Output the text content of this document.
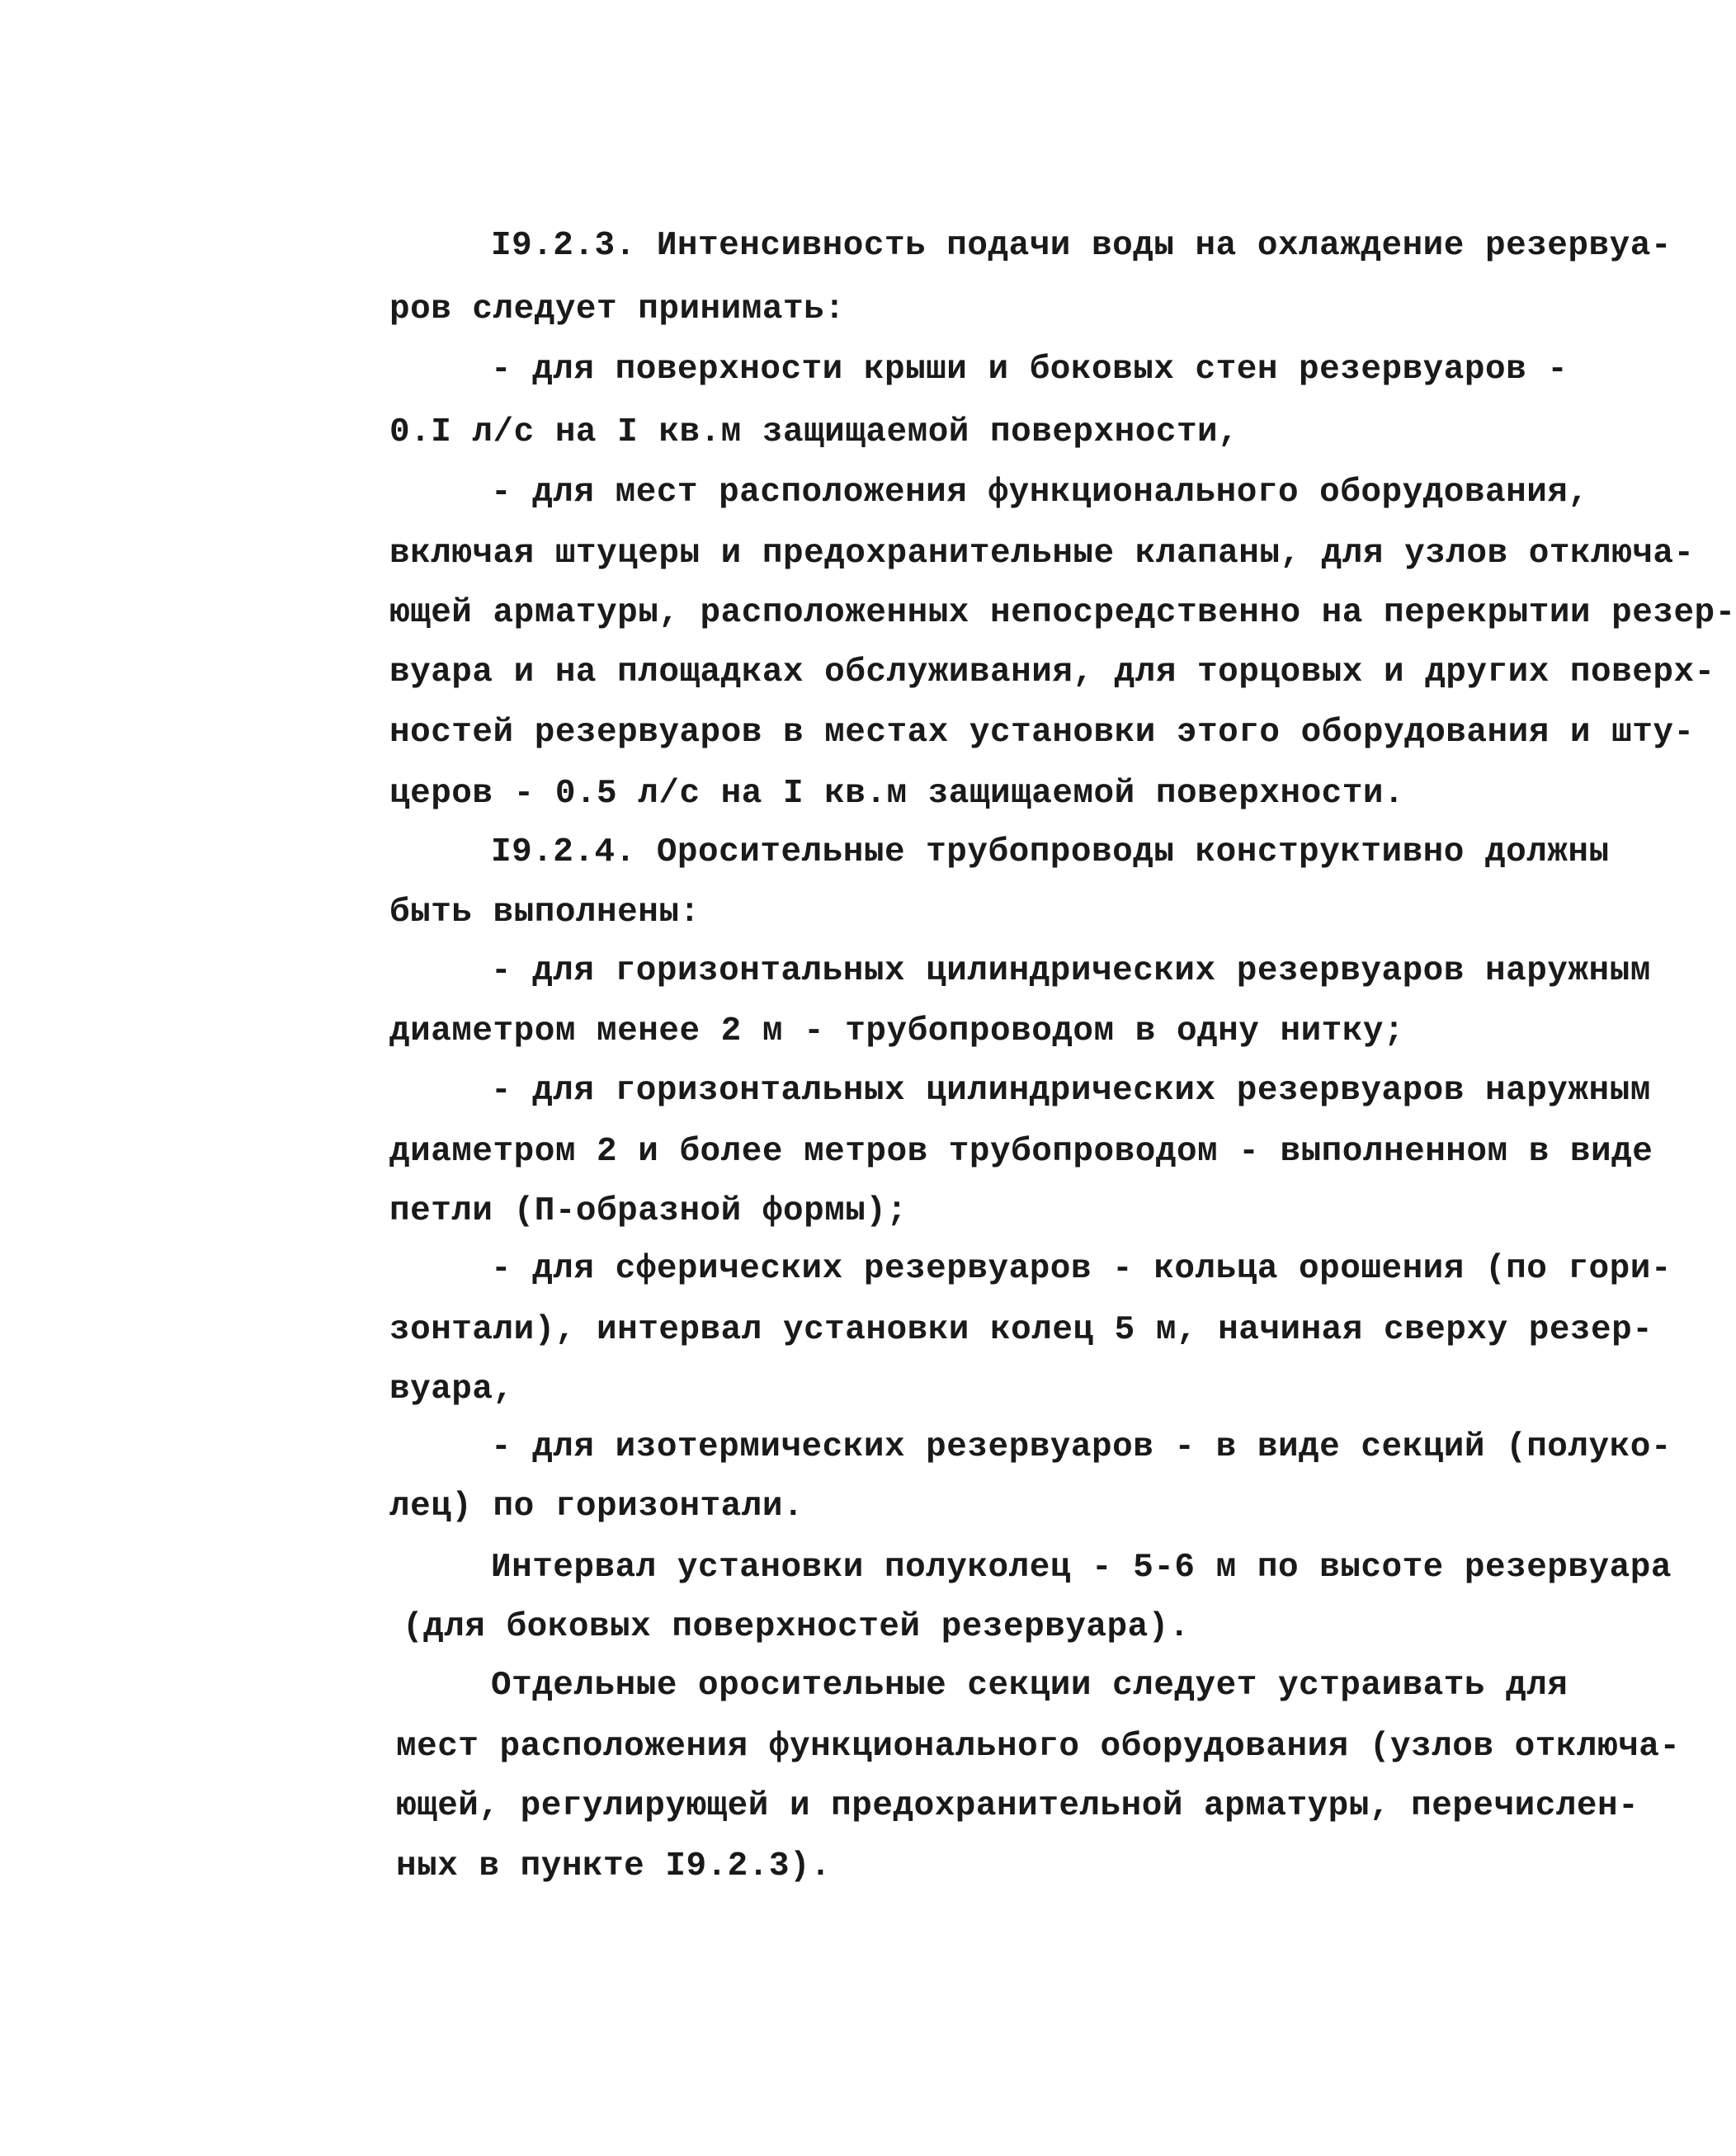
I9.2.3. Интенсивность подачи воды на охлаждение резервуа-
ров следует принимать:
- для поверхности крыши и боковых стен резервуаров -
0.I л/с на I кв.м защищаемой поверхности,
- для мест расположения функционального оборудования,
включая штуцеры и предохранительные клапаны, для узлов отключа-
ющей арматуры, расположенных непосредственно на перекрытии резер-
вуара и на площадках обслуживания, для торцовых и других поверх-
ностей резервуаров в местах установки этого оборудования и шту-
церов - 0.5 л/с на I кв.м защищаемой поверхности.
I9.2.4. Оросительные трубопроводы конструктивно должны
быть выполнены:
- для горизонтальных цилиндрических резервуаров наружным
диаметром менее 2 м - трубопроводом в одну нитку;
- для горизонтальных цилиндрических резервуаров наружным
диаметром 2 и более метров трубопроводом - выполненном в виде
петли (П-образной формы);
- для сферических резервуаров - кольца орошения (по гори-
зонтали), интервал установки колец 5 м, начиная сверху резер-
вуара,
- для изотермических резервуаров - в виде секций (полуко-
лец) по горизонтали.
Интервал установки полуколец - 5-6 м по высоте резервуара
(для боковых поверхностей резервуара).
Отдельные оросительные секции следует устраивать для
мест расположения функционального оборудования (узлов отключа-
ющей, регулирующей и предохранительной арматуры, перечислен-
ных в пункте I9.2.3).
